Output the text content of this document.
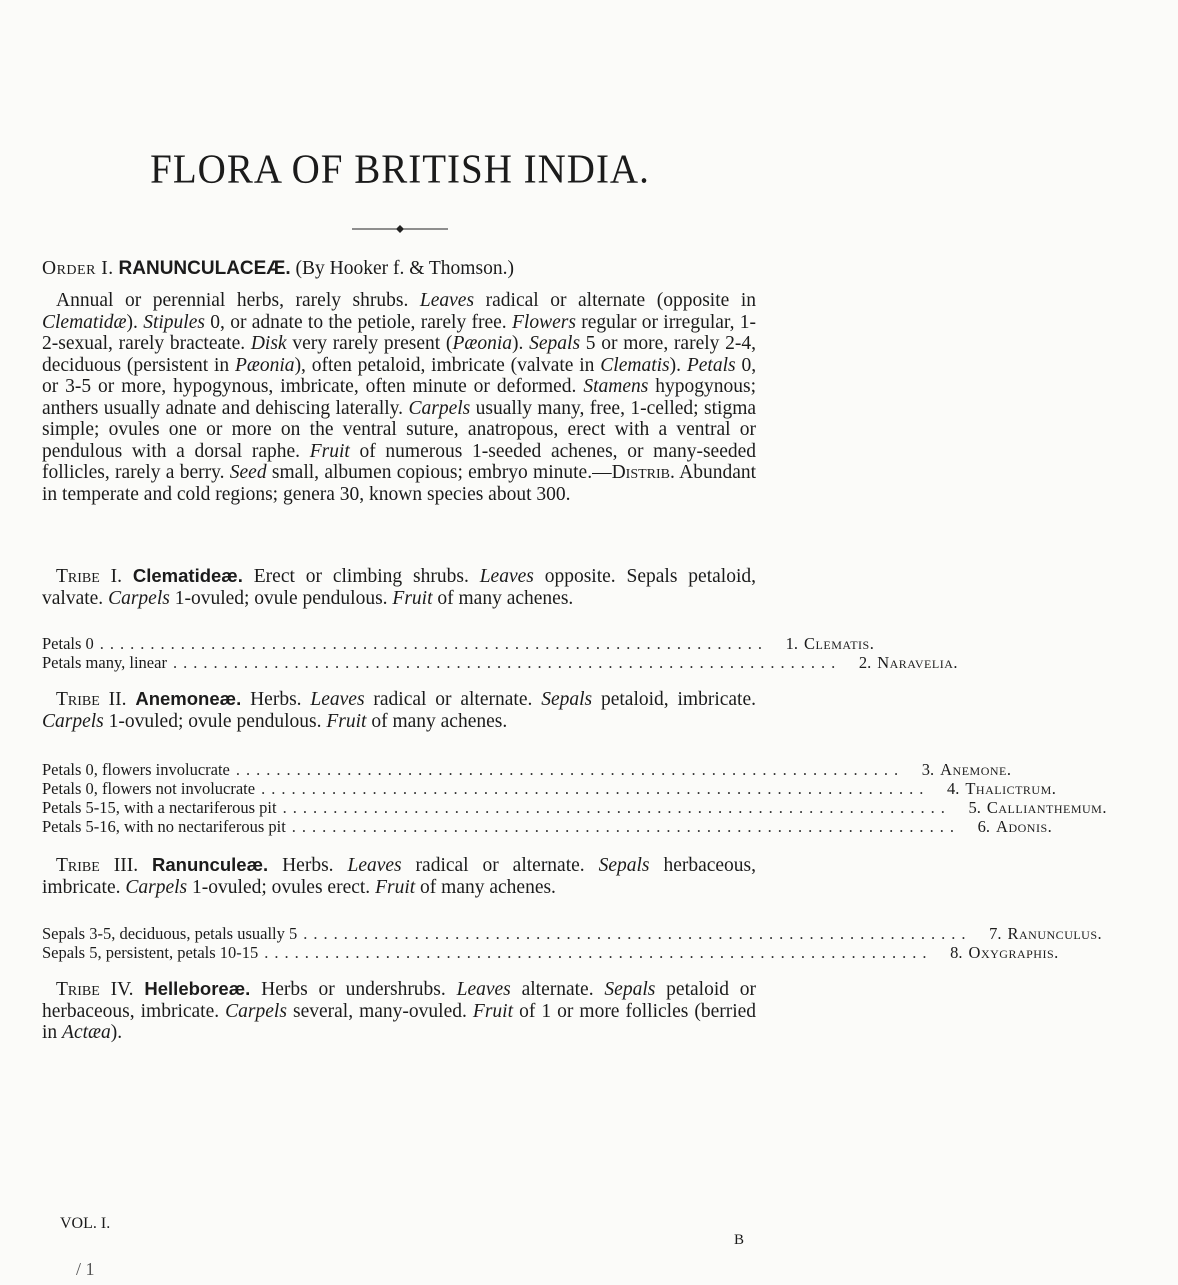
FLORA OF BRITISH INDIA.
Order I. RANUNCULACEÆ. (By Hooker f. & Thomson.)
Annual or perennial herbs, rarely shrubs. Leaves radical or alternate (opposite in Clematidæ). Stipules 0, or adnate to the petiole, rarely free. Flowers regular or irregular, 1-2-sexual, rarely bracteate. Disk very rarely present (Pæonia). Sepals 5 or more, rarely 2-4, deciduous (persistent in Pæonia), often petaloid, imbricate (valvate in Clematis). Petals 0, or 3-5 or more, hypogynous, imbricate, often minute or deformed. Stamens hypogynous; anthers usually adnate and dehiscing laterally. Carpels usually many, free, 1-celled; stigma simple; ovules one or more on the ventral suture, anatropous, erect with a ventral or pendulous with a dorsal raphe. Fruit of numerous 1-seeded achenes, or many-seeded follicles, rarely a berry. Seed small, albumen copious; embryo minute.—Distrib. Abundant in temperate and cold regions; genera 30, known species about 300.
Tribe I. Clematideæ. Erect or climbing shrubs. Leaves opposite. Sepals petaloid, valvate. Carpels 1-ovuled; ovule pendulous. Fruit of many achenes.
Petals 0 ..................................................................	1. Clematis.
Petals many, linear ..................................................................	2. Naravelia.
Tribe II. Anemoneæ. Herbs. Leaves radical or alternate. Sepals petaloid, imbricate. Carpels 1-ovuled; ovule pendulous. Fruit of many achenes.
Petals 0, flowers involucrate ..................................................................	3. Anemone.
Petals 0, flowers not involucrate ..................................................................	4. Thalictrum.
Petals 5-15, with a nectariferous pit ..................................................................	5. Callianthemum.
Petals 5-16, with no nectariferous pit ..................................................................	6. Adonis.
Tribe III. Ranunculeæ. Herbs. Leaves radical or alternate. Sepals herbaceous, imbricate. Carpels 1-ovuled; ovules erect. Fruit of many achenes.
Sepals 3-5, deciduous, petals usually 5 ..................................................................	7. Ranunculus.
Sepals 5, persistent, petals 10-15 ..................................................................	8. Oxygraphis.
Tribe IV. Helleboreæ. Herbs or undershrubs. Leaves alternate. Sepals petaloid or herbaceous, imbricate. Carpels several, many-ovuled. Fruit of 1 or more follicles (berried in Actæa).
VOL. I.
B
/ 1
